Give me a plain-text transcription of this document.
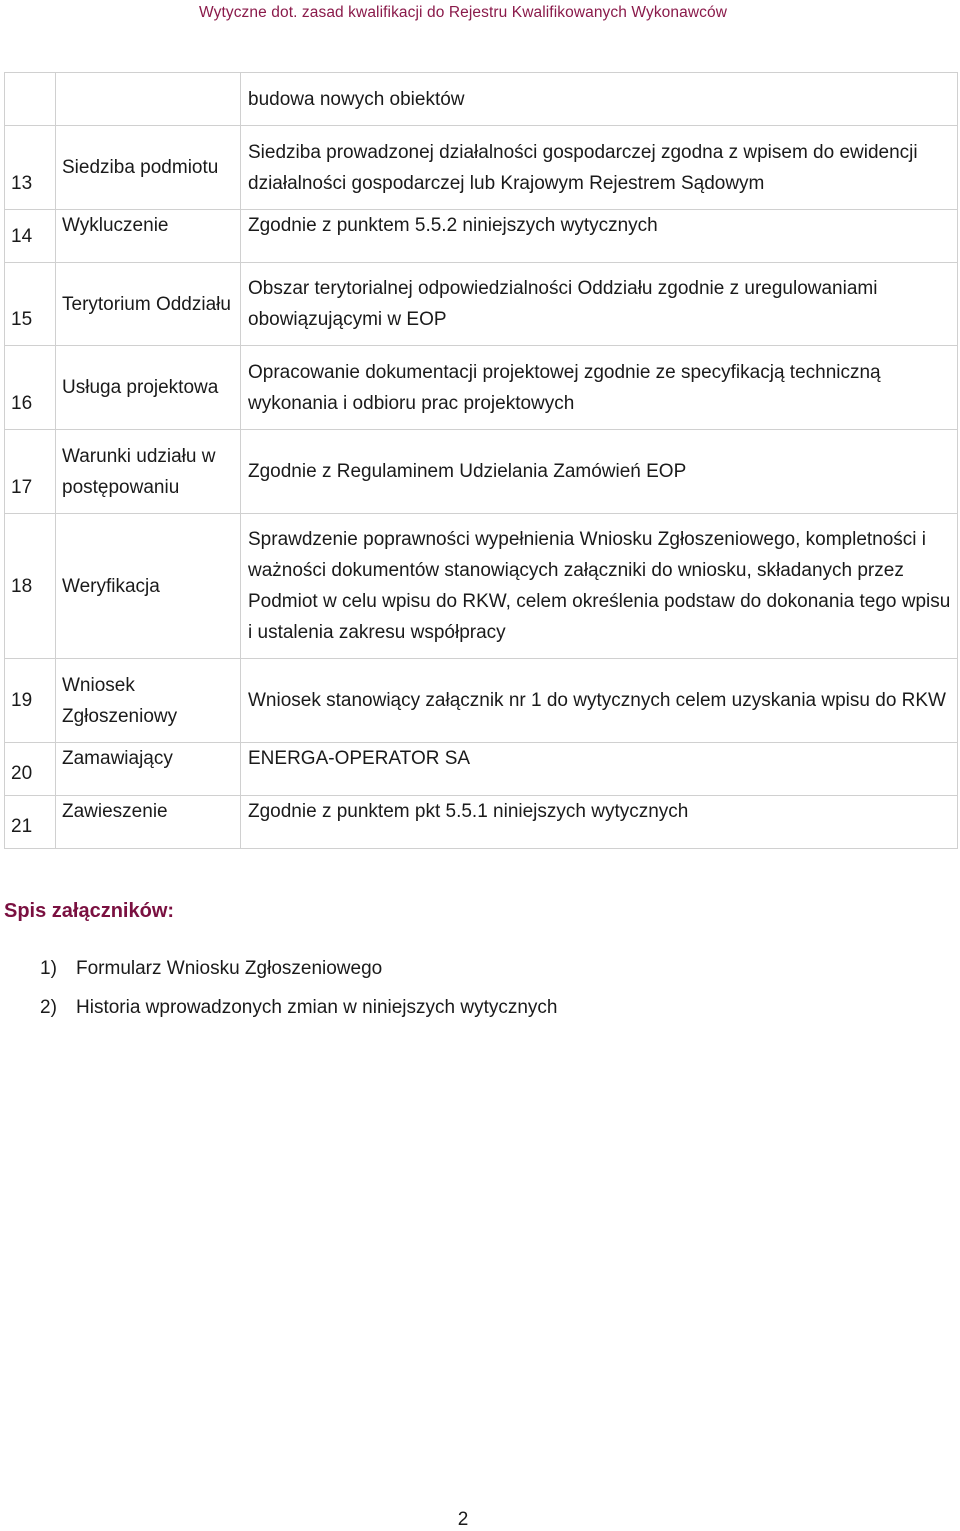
Wytyczne dot. zasad kwalifikacji do Rejestru Kwalifikowanych Wykonawców
		budowa nowych obiektów
13	Siedziba podmiotu	Siedziba prowadzonej działalności gospodarczej zgodna z wpisem do ewidencji działalności gospodarczej lub Krajowym Rejestrem Sądowym
14	Wykluczenie	Zgodnie z punktem 5.5.2 niniejszych wytycznych
15	Terytorium Oddziału	Obszar terytorialnej odpowiedzialności Oddziału zgodnie z uregulowaniami obowiązującymi w EOP
16	Usługa projektowa	Opracowanie dokumentacji projektowej zgodnie ze specyfikacją techniczną wykonania i odbioru prac projektowych
17	Warunki udziału w postępowaniu	Zgodnie z Regulaminem Udzielania Zamówień EOP
18	Weryfikacja	Sprawdzenie poprawności wypełnienia Wniosku Zgłoszeniowego, kompletności i ważności dokumentów stanowiących załączniki do wniosku, składanych przez Podmiot w celu wpisu do RKW, celem określenia podstaw do dokonania tego wpisu i ustalenia zakresu współpracy
19	Wniosek Zgłoszeniowy	Wniosek stanowiący załącznik nr 1 do wytycznych celem uzyskania wpisu do RKW
20	Zamawiający	ENERGA-OPERATOR SA
21	Zawieszenie	Zgodnie z punktem pkt 5.5.1 niniejszych wytycznych
Spis załączników:
1) Formularz Wniosku Zgłoszeniowego
2) Historia wprowadzonych zmian w niniejszych wytycznych
2
